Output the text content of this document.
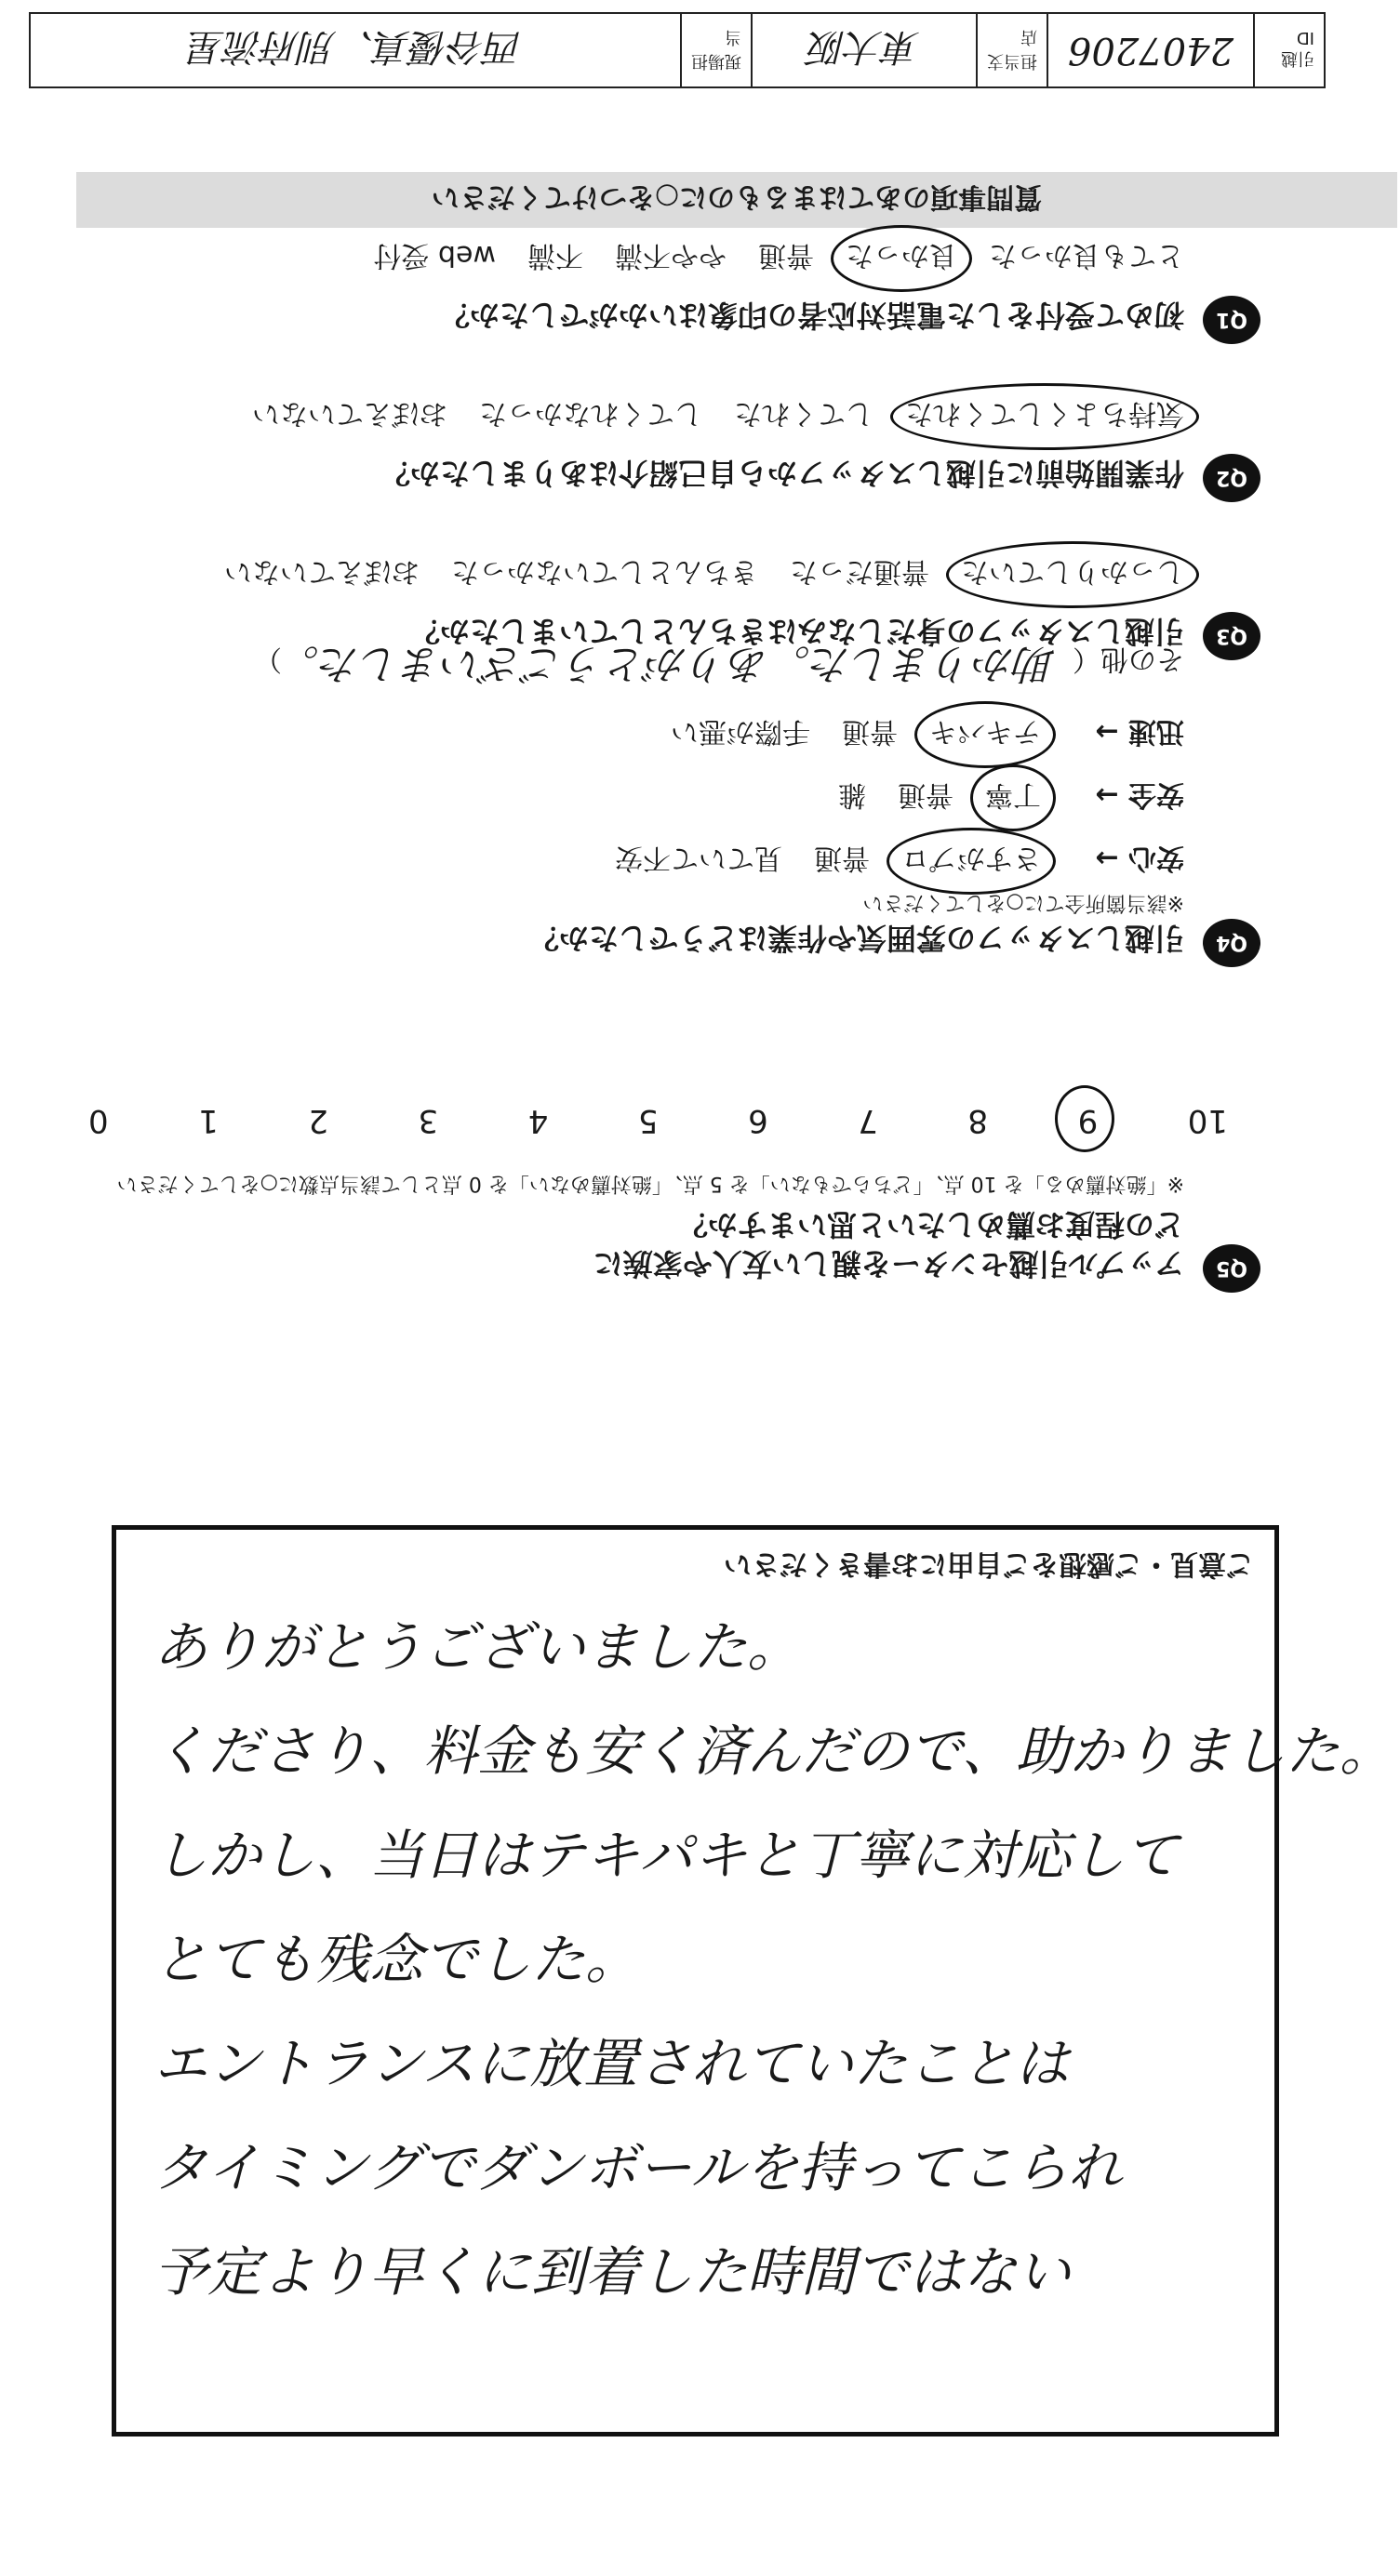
質問事項のあてはまるものに○をつけてください
Q1
初めて受付をした電話対応者の印象はいかがでしたか？
とても良かった
良かった
普通
やや不満
不満
web 受付
Q2
作業開始前に引越しスタッフから自己紹介はありましたか？
気持ちよくしてくれた
してくれた
してくれなかった
おぼえていない
Q3
引越しスタッフの身だしなみはきちんとしていましたか？
しっかりしていた
普通だった
きちんとしていなかった
おぼえていない
Q4
引越しスタッフの雰囲気や作業はどうでしたか？
※該当箇所全てに○をしてください
安心 →
さすがプロ
普通
見ていて不安
安全 →
丁寧
普通
雑
迅速 →
テキパキ
普通
手際が悪い
その他（助かりました。ありがとうございました。）
Q5
アップル引越センターを親しい友人や家族に
どの程度お薦めしたいと思いますか？
※「絶対薦める」を 10 点、「どちらでもない」を 5 点、「絶対薦めない」を 0 点として該当点数に○をしてください
10
9
8
7
6
5
4
3
2
1
0
ご意見・ご感想をご自由にお書きください
ありがとうございました。
くださり、料金も安く済んだので、助かりました。
しかし、当日はテキパキと丁寧に対応して
とても残念でした。
エントランスに放置されていたことは
タイミングでダンボールを持ってこられ
予定より早くに到着した時間ではない
引越ID
2407206
担当支店
東大阪
現場担当
西谷優真、別府流星
